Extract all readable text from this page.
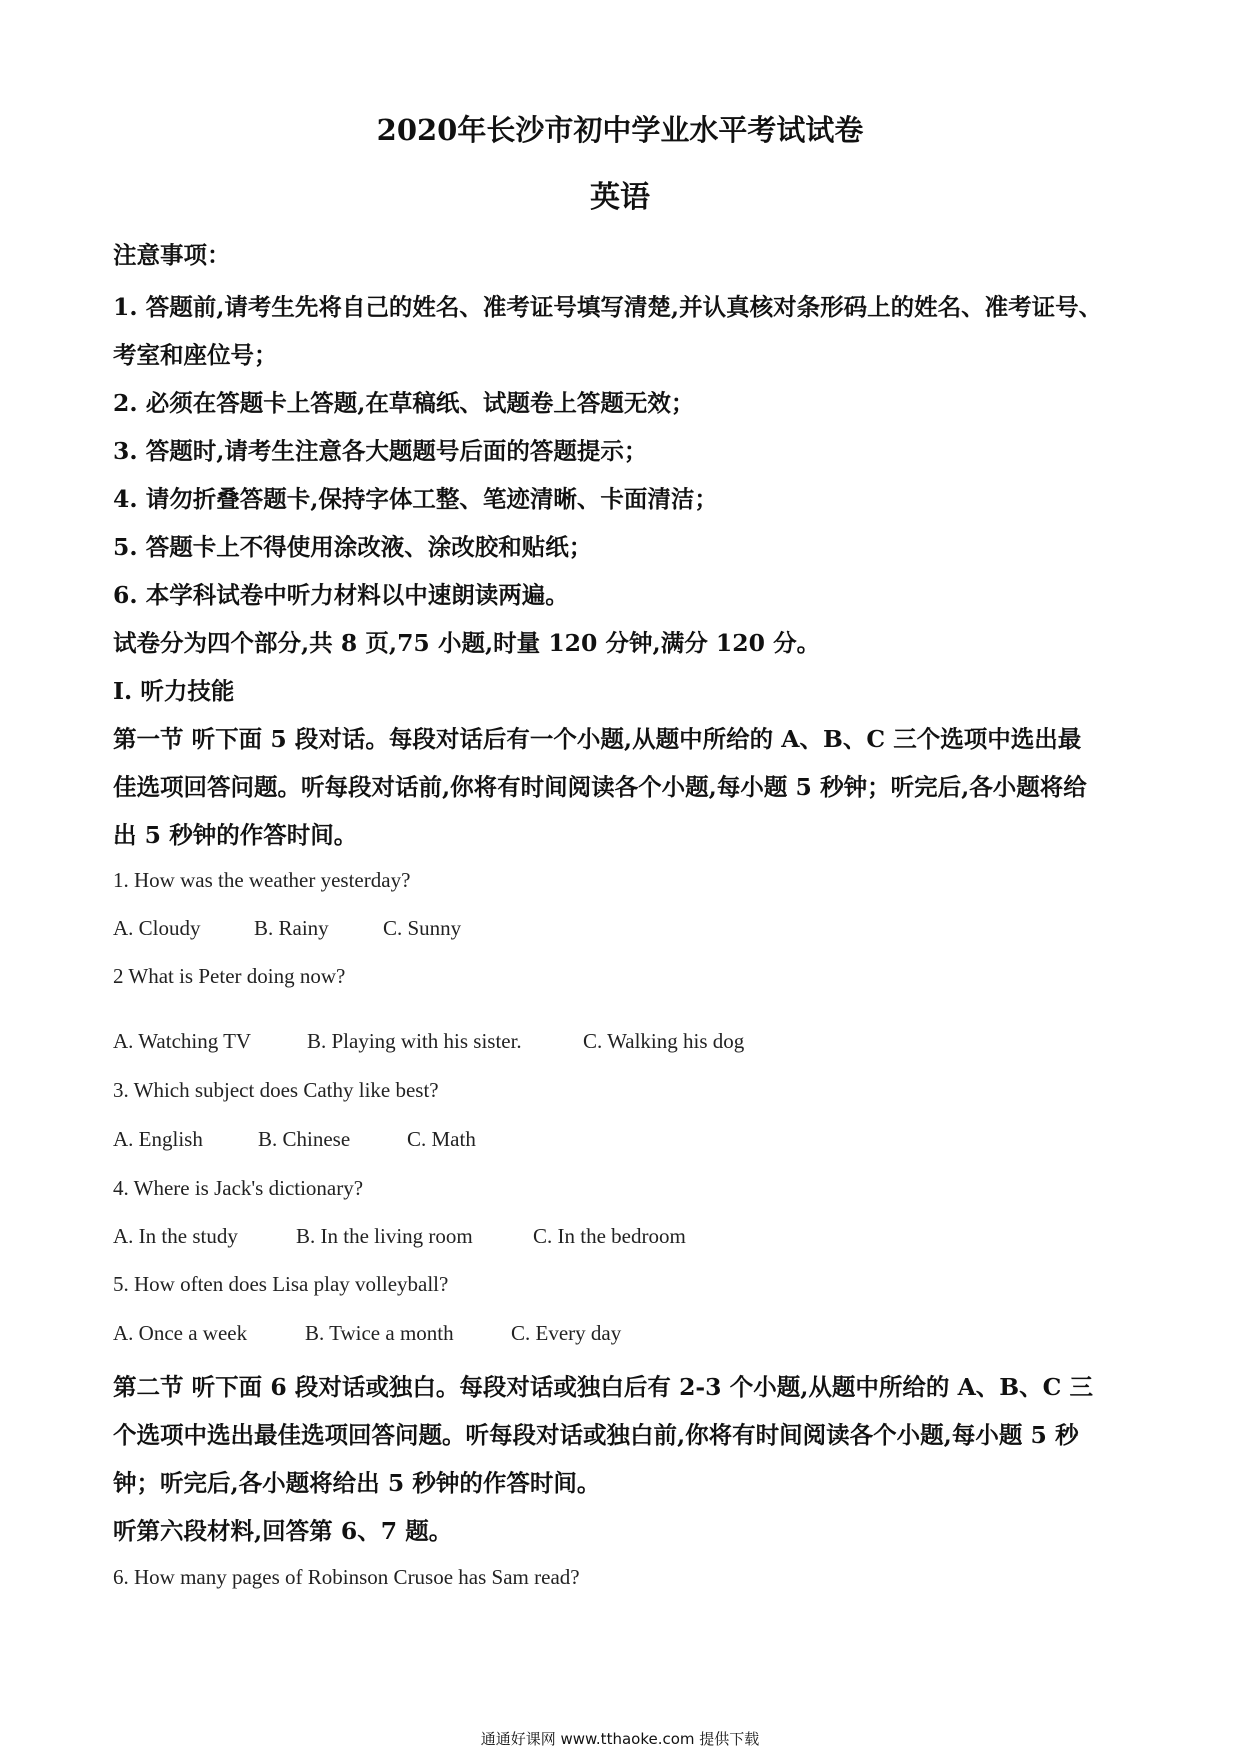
2020年长沙市初中学业水平考试试卷
英语
注意事项：
1. 答题前,请考生先将自己的姓名、准考证号填写清楚,并认真核对条形码上的姓名、准考证号、
考室和座位号；
2. 必须在答题卡上答题,在草稿纸、试题卷上答题无效；
3. 答题时,请考生注意各大题题号后面的答题提示；
4. 请勿折叠答题卡,保持字体工整、笔迹清晰、卡面清洁；
5. 答题卡上不得使用涂改液、涂改胶和贴纸；
6. 本学科试卷中听力材料以中速朗读两遍。
试卷分为四个部分,共 8 页,75 小题,时量 120 分钟,满分 120 分。
I. 听力技能
第一节 听下面 5 段对话。每段对话后有一个小题,从题中所给的 A、B、C 三个选项中选出最
佳选项回答问题。听每段对话前,你将有时间阅读各个小题,每小题 5 秒钟；听完后,各小题将给
出 5 秒钟的作答时间。
1. How was the weather yesterday?
A. Cloudy	B. Rainy	C. Sunny
2 What is Peter doing now?
A. Watching TV	B. Playing with his sister.	C. Walking his dog
3. Which subject does Cathy like best?
A. English	B. Chinese	C. Math
4. Where is Jack's dictionary?
A. In the study	B. In the living room	C. In the bedroom
5. How often does Lisa play volleyball?
A. Once a week	B. Twice a month	C. Every day
第二节 听下面 6 段对话或独白。每段对话或独白后有 2-3 个小题,从题中所给的 A、B、C 三
个选项中选出最佳选项回答问题。听每段对话或独白前,你将有时间阅读各个小题,每小题 5 秒
钟；听完后,各小题将给出 5 秒钟的作答时间。
听第六段材料,回答第 6、7 题。
6. How many pages of Robinson Crusoe has Sam read?
通通好课网 www.tthaoke.com 提供下载
